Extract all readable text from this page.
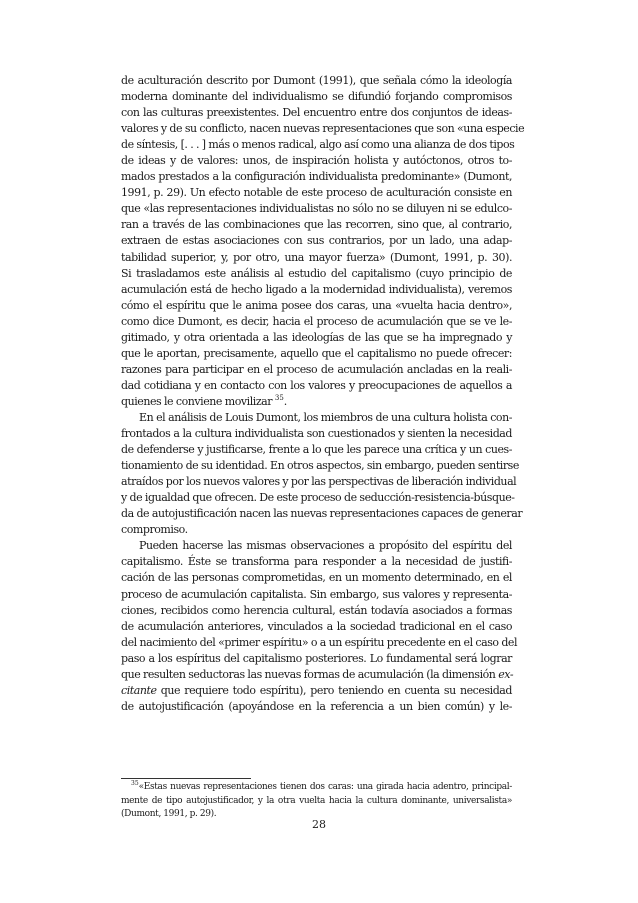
de aculturación descrito por Dumont (1991), que señala cómo la ideología
moderna dominante del individualismo se difundió forjando compromisos
con las culturas preexistentes. Del encuentro entre dos conjuntos de ideas-
valores y de su conflicto, nacen nuevas representaciones que son «una especie
de síntesis, [. . . ] más o menos radical, algo así como una alianza de dos tipos
de ideas y de valores: unos, de inspiración holista y autóctonos, otros to-
mados prestados a la configuración individualista predominante» (Dumont,
1991, p. 29). Un efecto notable de este proceso de aculturación consiste en
que «las representaciones individualistas no sólo no se diluyen ni se edulco-
ran a través de las combinaciones que las recorren, sino que, al contrario,
extraen de estas asociaciones con sus contrarios, por un lado, una adap-
tabilidad superior, y, por otro, una mayor fuerza» (Dumont, 1991, p. 30).
Si trasladamos este análisis al estudio del capitalismo (cuyo principio de
acumulación está de hecho ligado a la modernidad individualista), veremos
cómo el espíritu que le anima posee dos caras, una «vuelta hacia dentro»,
como dice Dumont, es decir, hacia el proceso de acumulación que se ve le-
gitimado, y otra orientada a las ideologías de las que se ha impregnado y
que le aportan, precisamente, aquello que el capitalismo no puede ofrecer:
razones para participar en el proceso de acumulación ancladas en la reali-
dad cotidiana y en contacto con los valores y preocupaciones de aquellos a
quienes le conviene movilizar $^{35}$.
En el análisis de Louis Dumont, los miembros de una cultura holista con-
frontados a la cultura individualista son cuestionados y sienten la necesidad
de defenderse y justificarse, frente a lo que les parece una crítica y un cues-
tionamiento de su identidad. En otros aspectos, sin embargo, pueden sentirse
atraídos por los nuevos valores y por las perspectivas de liberación individual
y de igualdad que ofrecen. De este proceso de seducción-resistencia-búsque-
da de autojustificación nacen las nuevas representaciones capaces de generar
compromiso.
Pueden hacerse las mismas observaciones a propósito del espíritu del
capitalismo. Éste se transforma para responder a la necesidad de justifi-
cación de las personas comprometidas, en un momento determinado, en el
proceso de acumulación capitalista. Sin embargo, sus valores y representa-
ciones, recibidos como herencia cultural, están todavía asociados a formas
de acumulación anteriores, vinculados a la sociedad tradicional en el caso
del nacimiento del «primer espíritu» o a un espíritu precedente en el caso del
paso a los espíritus del capitalismo posteriores. Lo fundamental será lograr
que resulten seductoras las nuevas formas de acumulación (la dimensión ex-
citante que requiere todo espíritu), pero teniendo en cuenta su necesidad
de autojustificación (apoyándose en la referencia a un bien común) y le-
$^{35}$«Estas nuevas representaciones tienen dos caras: una girada hacia adentro, principal-
mente de tipo autojustificador, y la otra vuelta hacia la cultura dominante, universalista»
(Dumont, 1991, p. 29).
28
